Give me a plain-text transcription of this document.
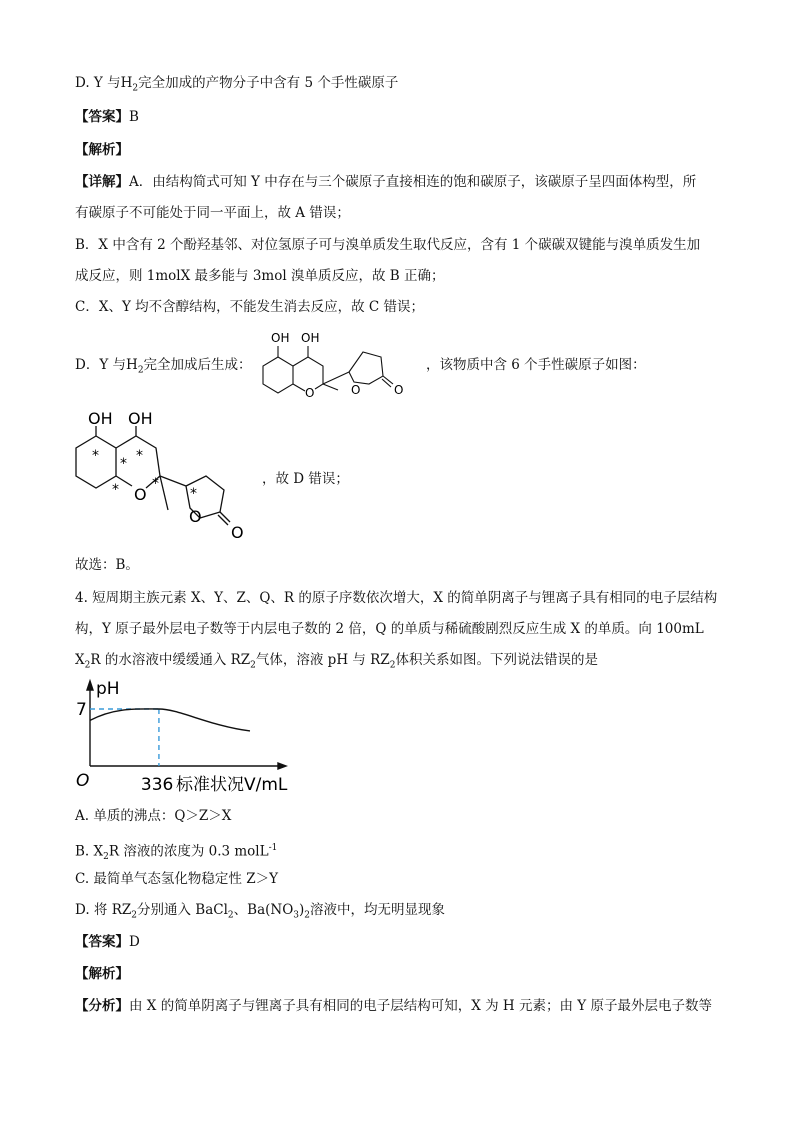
D. Y 与$H_2$完全加成的产物分子中含有 5 个手性碳原子
【答案】B
【解析】
【详解】A．由结构简式可知 Y 中存在与三个碳原子直接相连的饱和碳原子，该碳原子呈四面体构型，所
有碳原子不可能处于同一平面上，故 A 错误；
B．X 中含有 2 个酚羟基邻、对位氢原子可与溴单质发生取代反应，含有 1 个碳碳双键能与溴单质发生加
成反应，则 1molX 最多能与 3mol 溴单质反应，故 B 正确；
C．X、Y 均不含醇结构，不能发生消去反应，故 C 错误；
D．Y 与$H_2$完全加成后生成：	，该物质中含 6 个手性碳原子如图：
OH OH
O	O	O
OH OH
O
O
O
* * *
* *
*
，故 D 错误；
故选：B。
4. 短周期主族元素 X、Y、Z、Q、R 的原子序数依次增大，X 的简单阴离子与锂离子具有相同的电子层结构
构，Y 原子最外层电子数等于内层电子数的 2 倍，Q 的单质与稀硫酸剧烈反应生成 X 的单质。向 100mL
$X_2R$ 的水溶液中缓缓通入 $RZ_2$气体，溶液 pH 与 $RZ_2$体积关系如图。下列说法错误的是
pH
7
O	336 标准状况V/mL
A. 单质的沸点：Q＞Z＞X
B. $X_2R$ 溶液的浓度为 0.3 molL$^{-1}$
C. 最简单气态氢化物稳定性 Z＞Y
D. 将 $RZ_2$分别通入 BaCl$_2$、$Ba(NO_3)_2$溶液中，均无明显现象
【答案】D
【解析】
【分析】由 X 的简单阴离子与锂离子具有相同的电子层结构可知，X 为 H 元素；由 Y 原子最外层电子数等
